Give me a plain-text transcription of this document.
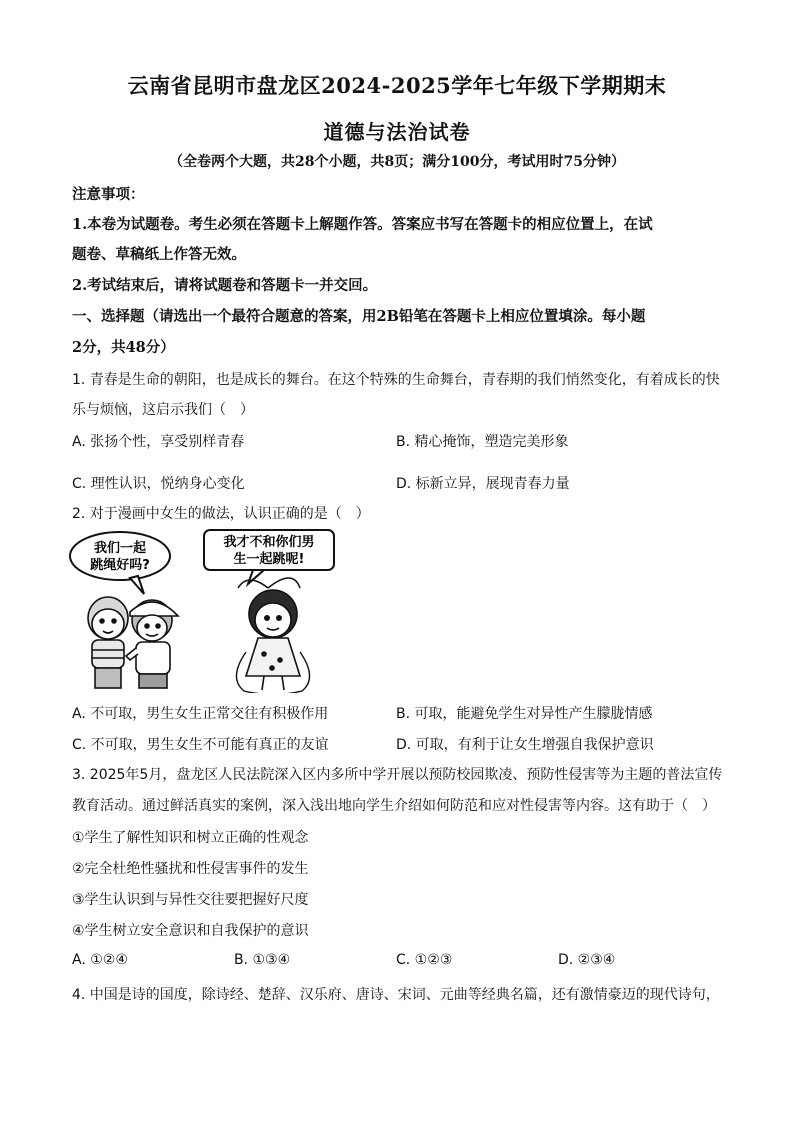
云南省昆明市盘龙区2024-2025学年七年级下学期期末
道德与法治试卷
（全卷两个大题，共28个小题，共8页；满分100分，考试用时75分钟）
注意事项：
1.本卷为试题卷。考生必须在答题卡上解题作答。答案应书写在答题卡的相应位置上，在试
题卷、草稿纸上作答无效。
2.考试结束后，请将试题卷和答题卡一并交回。
一、选择题（请选出一个最符合题意的答案，用2B铅笔在答题卡上相应位置填涂。每小题
2分，共48分）
1. 青春是生命的朝阳，也是成长的舞台。在这个特殊的生命舞台，青春期的我们悄然变化，有着成长的快
乐与烦恼，这启示我们（　）
A. 张扬个性，享受别样青春	B. 精心掩饰，塑造完美形象
C. 理性认识，悦纳身心变化	D. 标新立异，展现青春力量
2. 对于漫画中女生的做法，认识正确的是（　）
我们一起
跳绳好吗?
我才不和你们男
生一起跳呢!
A. 不可取，男生女生正常交往有积极作用	B. 可取，能避免学生对异性产生朦胧情感
C. 不可取，男生女生不可能有真正的友谊	D. 可取，有利于让女生增强自我保护意识
3. 2025年5月，盘龙区人民法院深入区内多所中学开展以预防校园欺凌、预防性侵害等为主题的普法宣传
教育活动。通过鲜活真实的案例，深入浅出地向学生介绍如何防范和应对性侵害等内容。这有助于（　）
①学生了解性知识和树立正确的性观念
②完全杜绝性骚扰和性侵害事件的发生
③学生认识到与异性交往要把握好尺度
④学生树立安全意识和自我保护的意识
A. ①②④	B. ①③④	C. ①②③	D. ②③④
4. 中国是诗的国度，除诗经、楚辞、汉乐府、唐诗、宋词、元曲等经典名篇，还有激情豪迈的现代诗句，
